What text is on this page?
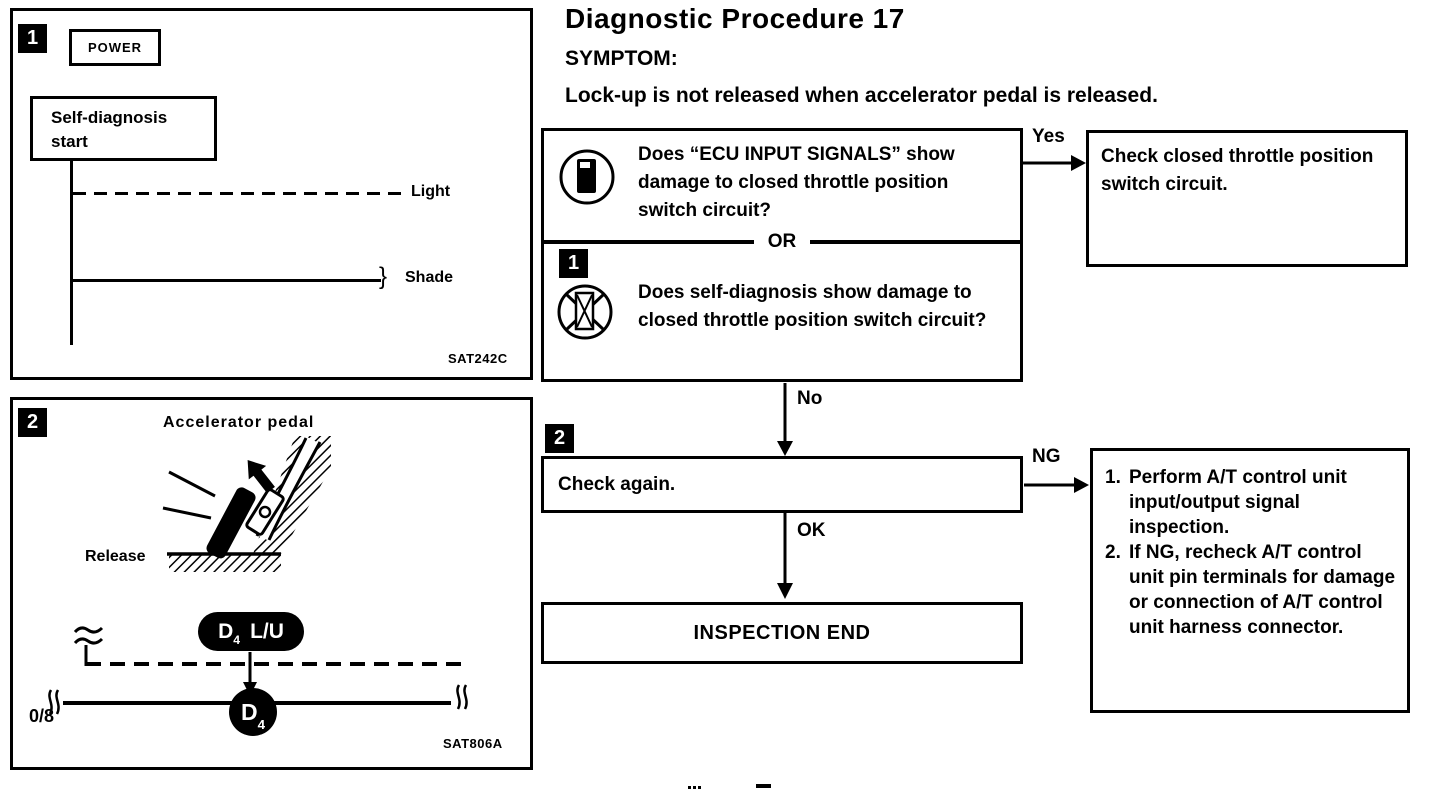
1	POWER
Self-diagnosis
start
Light
} Shade
SAT242C
2	Accelerator pedal
Release
D 4 L/U
D 4
0/8
SAT806A
Diagnostic Procedure 17
SYMPTOM:
Lock-up is not released when accelerator pedal is released.
Does “ECU INPUT SIGNALS” show damage to closed throttle position switch circuit?
OR
1
Does self-diagnosis show damage to closed throttle position switch circuit?
Yes
Check closed throttle position switch circuit.
No
2
Check again.
NG
1. Perform A/T control unit input/output signal inspection.
2. If NG, recheck A/T control unit pin terminals for damage or connection of A/T control unit harness connector.
OK
INSPECTION END
